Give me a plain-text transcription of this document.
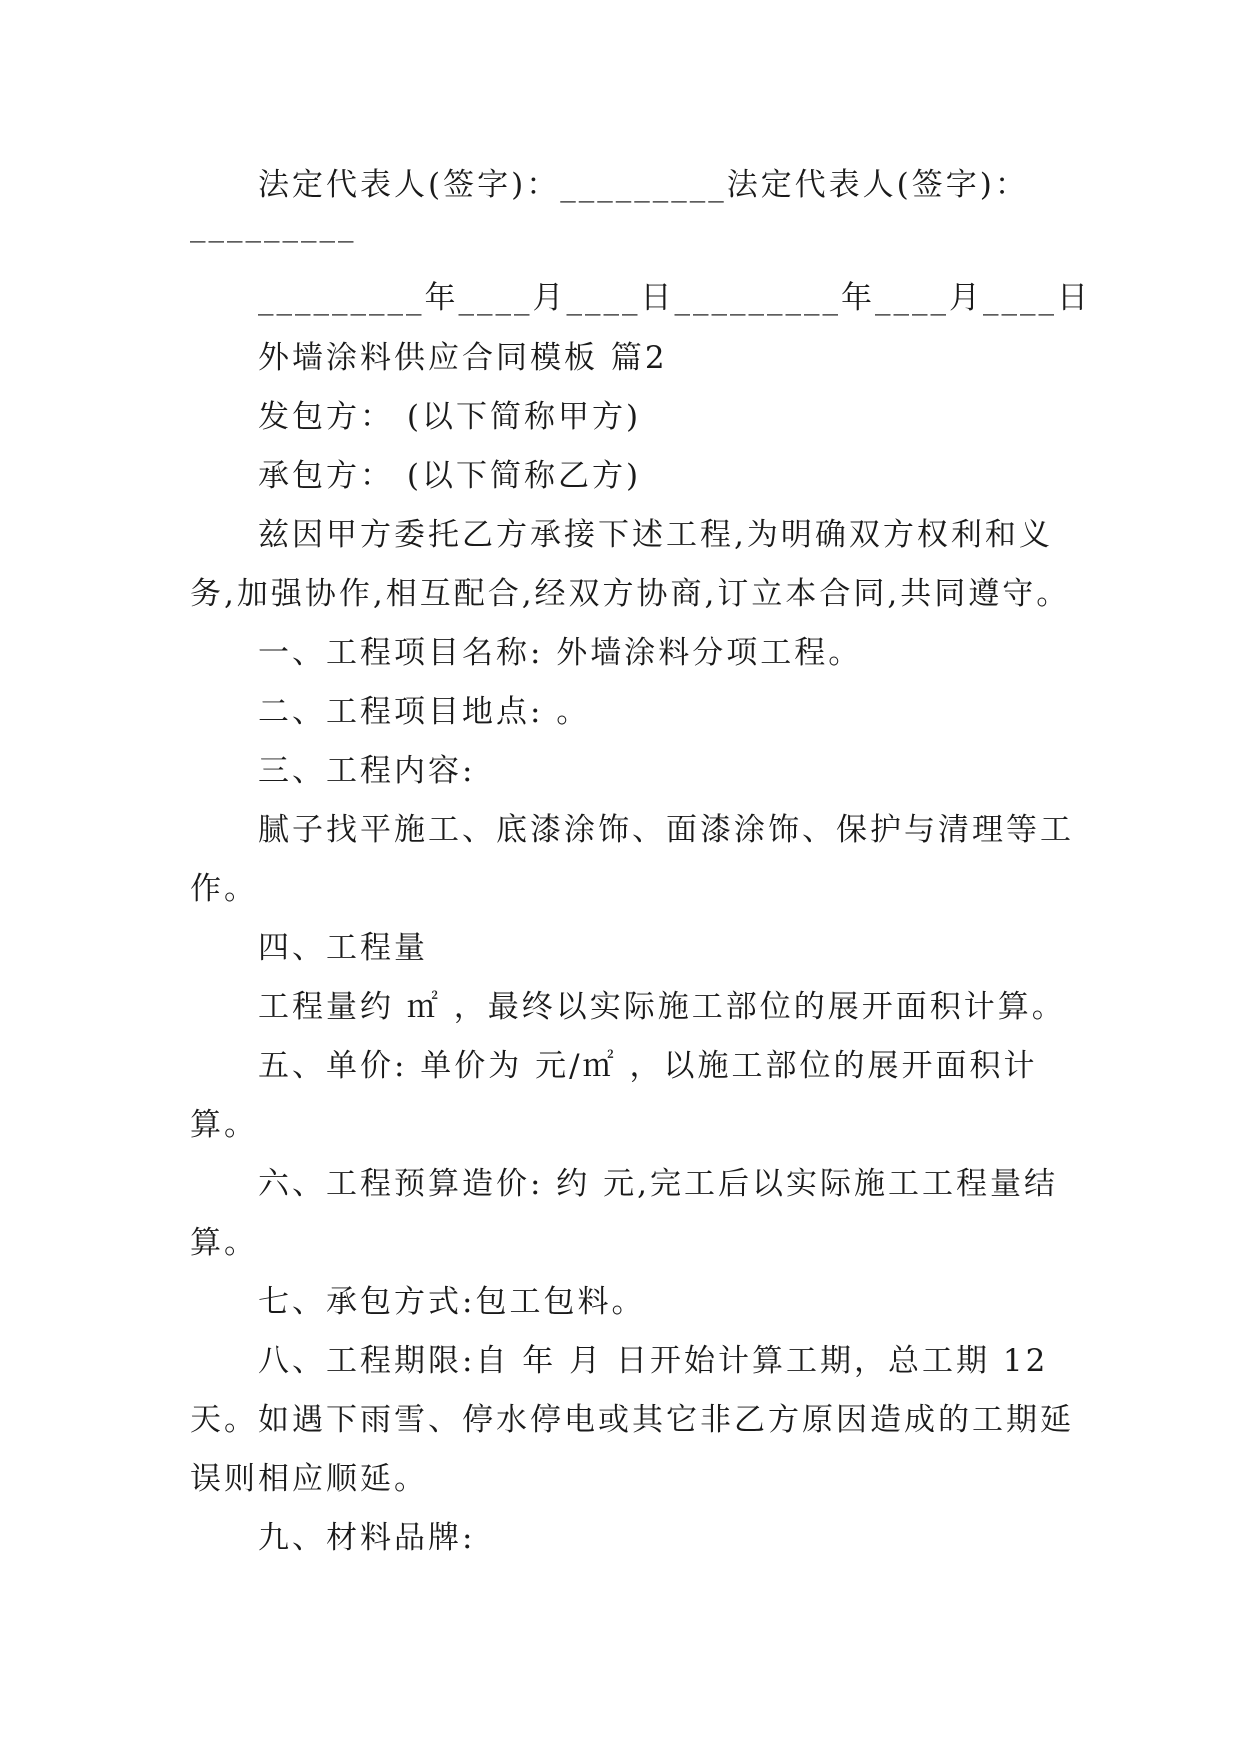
法定代表人(签字)：_________法定代表人(签字)：
_________
_________年____月____日_________年____月____日
外墙涂料供应合同模板 篇2
发包方： (以下简称甲方)
承包方： (以下简称乙方)
兹因甲方委托乙方承接下述工程,为明确双方权利和义
务,加强协作,相互配合,经双方协商,订立本合同,共同遵守。
一、工程项目名称: 外墙涂料分项工程。
二、工程项目地点: 。
三、工程内容:
腻子找平施工、底漆涂饰、面漆涂饰、保护与清理等工
作。
四、工程量
工程量约 ㎡ ，最终以实际施工部位的展开面积计算。
五、单价: 单价为 元/㎡ ，以施工部位的展开面积计
算。
六、工程预算造价: 约 元,完工后以实际施工工程量结
算。
七、承包方式:包工包料。
八、工程期限:自 年 月 日开始计算工期，总工期 12
天。如遇下雨雪、停水停电或其它非乙方原因造成的工期延
误则相应顺延。
九、材料品牌:
